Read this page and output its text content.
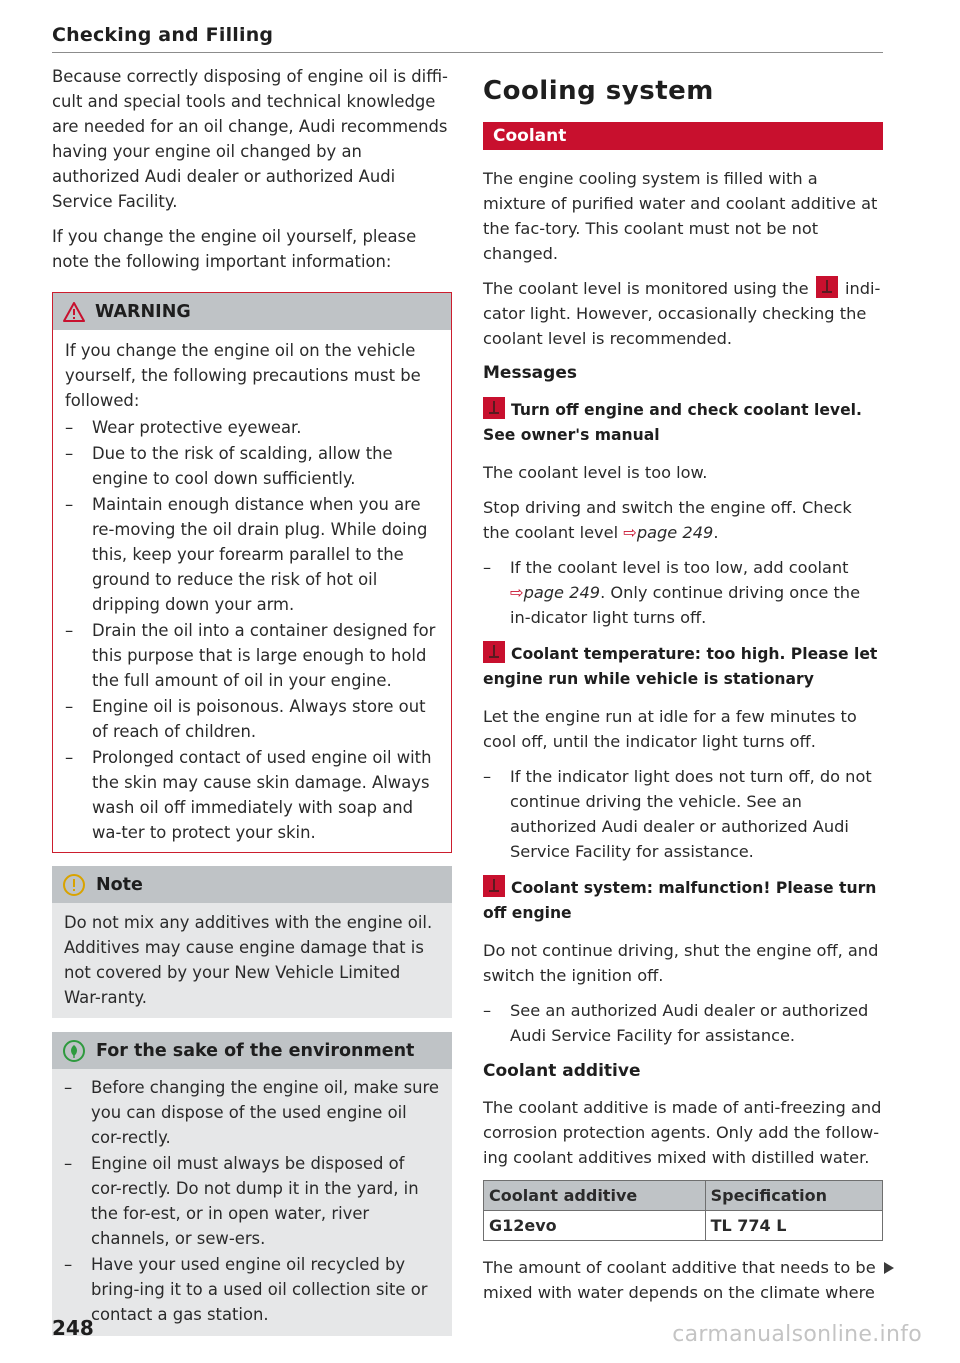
Checking and Filling

Because correctly disposing of engine oil is diffi-cult and special tools and technical knowledge are needed for an oil change, Audi recommends having your engine oil changed by an authorized Audi dealer or authorized Audi Service Facility.

If you change the engine oil yourself, please note the following important information:

WARNING

If you change the engine oil on the vehicle yourself, the following precautions must be followed:

– Wear protective eyewear.
– Due to the risk of scalding, allow the engine to cool down sufficiently.
– Maintain enough distance when you are re-moving the oil drain plug. While doing this, keep your forearm parallel to the ground to reduce the risk of hot oil dripping down your arm.
– Drain the oil into a container designed for this purpose that is large enough to hold the full amount of oil in your engine.
– Engine oil is poisonous. Always store out of reach of children.
– Prolonged contact of used engine oil with the skin may cause skin damage. Always wash oil off immediately with soap and wa-ter to protect your skin.
Note

Do not mix any additives with the engine oil. Additives may cause engine damage that is not covered by your New Vehicle Limited War-ranty.

For the sake of the environment
– Before changing the engine oil, make sure you can dispose of the used engine oil cor-rectly.
– Engine oil must always be disposed of cor-rectly. Do not dump it in the yard, in the for-est, or in open water, river channels, or sew-ers.
– Have your used engine oil recycled by bring-ing it to a used oil collection site or contact a gas station.
Cooling system
Coolant

The engine cooling system is filled with a mixture of purified water and coolant additive at the fac-tory. This coolant must not be not changed.

The coolant level is monitored using the indi-cator light. However, occasionally checking the coolant level is recommended.

Messages
Turn off engine and check coolant level. See owner's manual

The coolant level is too low.

Stop driving and switch the engine off. Check the coolant level ⇨page 249.

– If the coolant level is too low, add coolant ⇨page 249. Only continue driving once the in-dicator light turns off.
Coolant temperature: too high. Please let engine run while vehicle is stationary

Let the engine run at idle for a few minutes to cool off, until the indicator light turns off.

– If the indicator light does not turn off, do not continue driving the vehicle. See an authorized Audi dealer or authorized Audi Service Facility for assistance.
Coolant system: malfunction! Please turn off engine

Do not continue driving, shut the engine off, and switch the ignition off.

– See an authorized Audi dealer or authorized Audi Service Facility for assistance.
Coolant additive

The coolant additive is made of anti-freezing and corrosion protection agents. Only add the follow-ing coolant additives mixed with distilled water.

Coolant additive	Specification
G12evo	TL 774 L

The amount of coolant additive that needs to be mixed with water depends on the climate where

248	carmanualsonline.info
